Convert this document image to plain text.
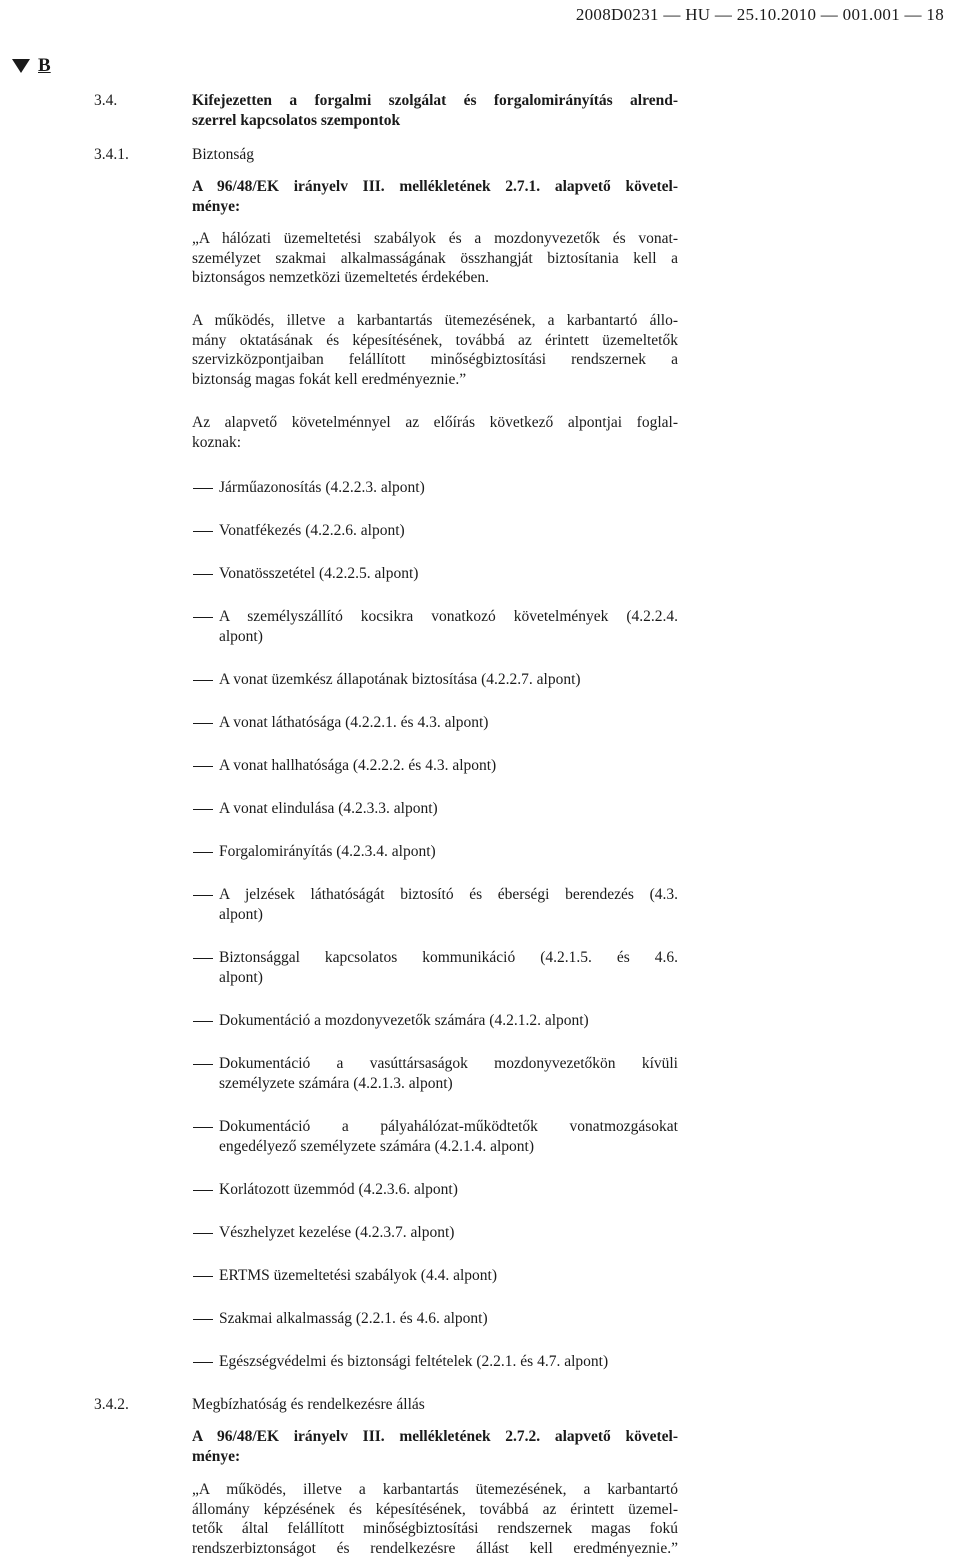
2008D0231 — HU — 25.10.2010 — 001.001 — 18
B
3.4.	Kifejezetten a forgalmi szolgálat és forgalomirányítás alrend-
szerrel kapcsolatos szempontok
3.4.1.	Biztonság
A 96/48/EK irányelv III. mellékletének 2.7.1. alapvető követel-
ménye:
„A hálózati üzemeltetési szabályok és a mozdonyvezetők és vonat-
személyzet szakmai alkalmasságának összhangját biztosítania kell a
biztonságos nemzetközi üzemeltetés érdekében.
A működés, illetve a karbantartás ütemezésének, a karbantartó állo-
mány oktatásának és képesítésének, továbbá az érintett üzemeltetők
szervizközpontjaiban felállított minőségbiztosítási rendszernek a
biztonság magas fokát kell eredményeznie.”
Az alapvető követelménnyel az előírás következő alpontjai foglal-
koznak:
Járműazonosítás (4.2.2.3. alpont)
Vonatfékezés (4.2.2.6. alpont)
Vonatösszetétel (4.2.2.5. alpont)
A személyszállító kocsikra vonatkozó követelmények (4.2.2.4.
alpont)
A vonat üzemkész állapotának biztosítása (4.2.2.7. alpont)
A vonat láthatósága (4.2.2.1. és 4.3. alpont)
A vonat hallhatósága (4.2.2.2. és 4.3. alpont)
A vonat elindulása (4.2.3.3. alpont)
Forgalomirányítás (4.2.3.4. alpont)
A jelzések láthatóságát biztosító és éberségi berendezés (4.3.
alpont)
Biztonsággal kapcsolatos kommunikáció (4.2.1.5. és 4.6.
alpont)
Dokumentáció a mozdonyvezetők számára (4.2.1.2. alpont)
Dokumentáció a vasúttársaságok mozdonyvezetőkön kívüli
személyzete számára (4.2.1.3. alpont)
Dokumentáció a pályahálózat-működtetők vonatmozgásokat
engedélyező személyzete számára (4.2.1.4. alpont)
Korlátozott üzemmód (4.2.3.6. alpont)
Vészhelyzet kezelése (4.2.3.7. alpont)
ERTMS üzemeltetési szabályok (4.4. alpont)
Szakmai alkalmasság (2.2.1. és 4.6. alpont)
Egészségvédelmi és biztonsági feltételek (2.2.1. és 4.7. alpont)
3.4.2.	Megbízhatóság és rendelkezésre állás
A 96/48/EK irányelv III. mellékletének 2.7.2. alapvető követel-
ménye:
„A működés, illetve a karbantartás ütemezésének, a karbantartó
állomány képzésének és képesítésének, továbbá az érintett üzemel-
tetők által felállított minőségbiztosítási rendszernek magas fokú
rendszerbiztonságot és rendelkezésre állást kell eredményeznie.”
